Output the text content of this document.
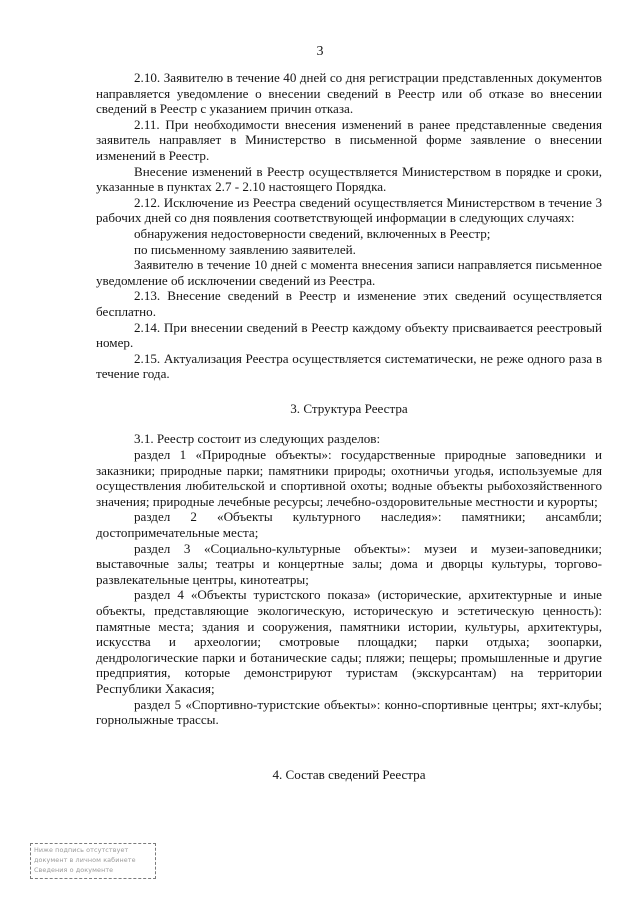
3

2.10. Заявителю в течение 40 дней со дня регистрации представленных документов направляется уведомление о внесении сведений в Реестр или об отказе во внесении сведений в Реестр с указанием причин отказа.

2.11. При необходимости внесения изменений в ранее представленные сведения заявитель направляет в Министерство в письменной форме заявление о внесении изменений в Реестр.

Внесение изменений в Реестр осуществляется Министерством в порядке и сроки, указанные в пунктах 2.7 - 2.10 настоящего Порядка.

2.12. Исключение из Реестра сведений осуществляется Министерством в течение 3 рабочих дней со дня появления соответствующей информации в следующих случаях:

обнаружения недостоверности сведений, включенных в Реестр;

по письменному заявлению заявителей.

Заявителю в течение 10 дней с момента внесения записи направляется письменное уведомление об исключении сведений из Реестра.

2.13. Внесение сведений в Реестр и изменение этих сведений осуществляется бесплатно.

2.14. При внесении сведений в Реестр каждому объекту присваивается реестровый номер.

2.15. Актуализация Реестра осуществляется систематически, не реже одного раза в течение года.

3. Структура Реестра

3.1. Реестр состоит из следующих разделов:

раздел 1 «Природные объекты»: государственные природные заповедники и заказники; природные парки; памятники природы; охотничьи угодья, используемые для осуществления любительской и спортивной охоты; водные объекты рыбохозяйственного значения; природные лечебные ресурсы; лечебно-оздоровительные местности и курорты;

раздел 2 «Объекты культурного наследия»: памятники; ансамбли; достопримечательные места;

раздел 3 «Социально-культурные объекты»: музеи и музеи-заповедники; выставочные залы; театры и концертные залы; дома и дворцы культуры, торгово-развлекательные центры, кинотеатры;

раздел 4 «Объекты туристского показа» (исторические, архитектурные и иные объекты, представляющие экологическую, историческую и эстетическую ценность): памятные места; здания и сооружения, памятники истории, культуры, архитектуры, искусства и археологии; смотровые площадки; парки отдыха; зоопарки, дендрологические парки и ботанические сады; пляжи; пещеры; промышленные и другие предприятия, которые демонстрируют туристам (экскурсантам) на территории Республики Хакасия;

раздел 5 «Спортивно-туристские объекты»: конно-спортивные центры; яхт-клубы; горнолыжные трассы.

4. Состав сведений Реестра

Ниже подпись отсутствует
документ в личном кабинете
Сведения о документе
